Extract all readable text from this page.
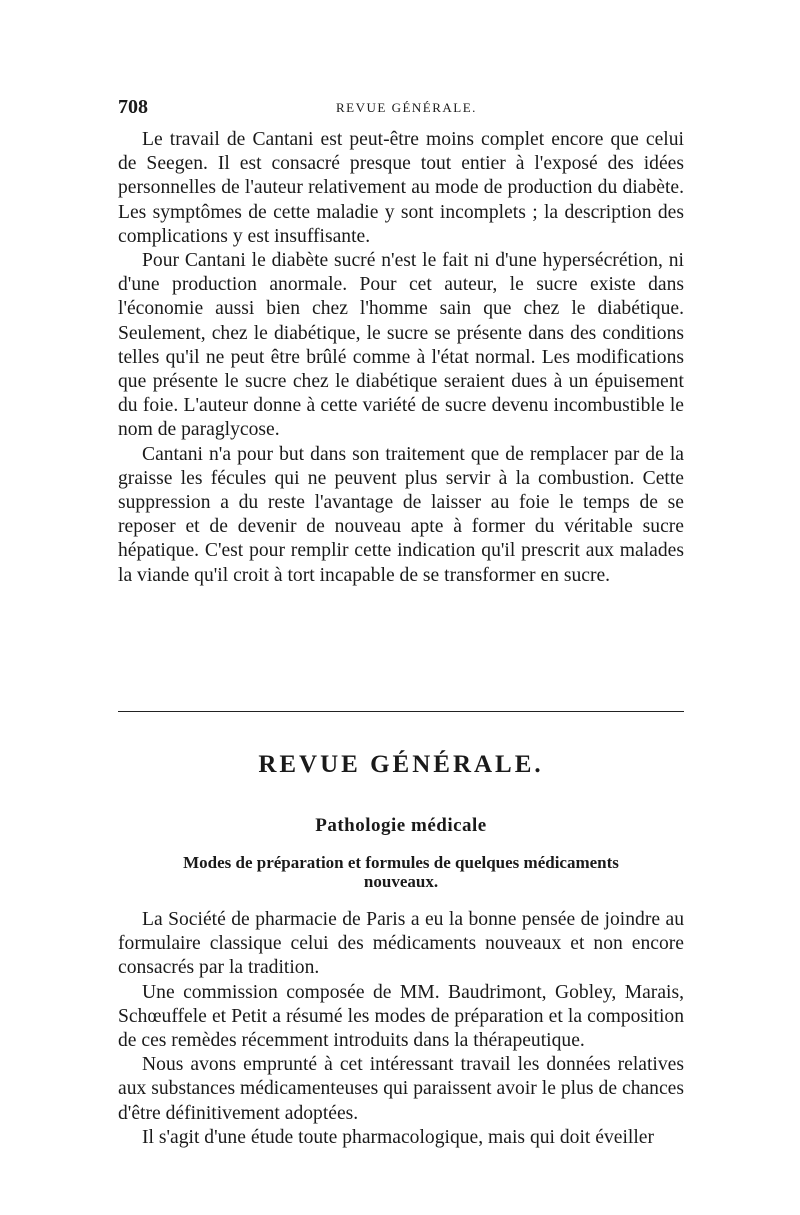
708	REVUE GÉNÉRALE.

Le travail de Cantani est peut-être moins complet encore que celui de Seegen. Il est consacré presque tout entier à l'exposé des idées personnelles de l'auteur relativement au mode de production du diabète. Les symptômes de cette maladie y sont incomplets ; la description des complications y est insuffisante.

Pour Cantani le diabète sucré n'est le fait ni d'une hypersécrétion, ni d'une production anormale. Pour cet auteur, le sucre existe dans l'économie aussi bien chez l'homme sain que chez le diabétique. Seulement, chez le diabétique, le sucre se présente dans des conditions telles qu'il ne peut être brûlé comme à l'état normal. Les modifications que présente le sucre chez le diabétique seraient dues à un épuisement du foie. L'auteur donne à cette variété de sucre devenu incombustible le nom de paraglycose.

Cantani n'a pour but dans son traitement que de remplacer par de la graisse les fécules qui ne peuvent plus servir à la combustion. Cette suppression a du reste l'avantage de laisser au foie le temps de se reposer et de devenir de nouveau apte à former du véritable sucre hépatique. C'est pour remplir cette indication qu'il prescrit aux malades la viande qu'il croit à tort incapable de se transformer en sucre.

REVUE GÉNÉRALE.
Pathologie médicale
Modes de préparation et formules de quelques médicaments
nouveaux.

La Société de pharmacie de Paris a eu la bonne pensée de joindre au formulaire classique celui des médicaments nouveaux et non encore consacrés par la tradition.

Une commission composée de MM. Baudrimont, Gobley, Marais, Schœuffele et Petit a résumé les modes de préparation et la composition de ces remèdes récemment introduits dans la thérapeutique.

Nous avons emprunté à cet intéressant travail les données relatives aux substances médicamenteuses qui paraissent avoir le plus de chances d'être définitivement adoptées.

Il s'agit d'une étude toute pharmacologique, mais qui doit éveiller
